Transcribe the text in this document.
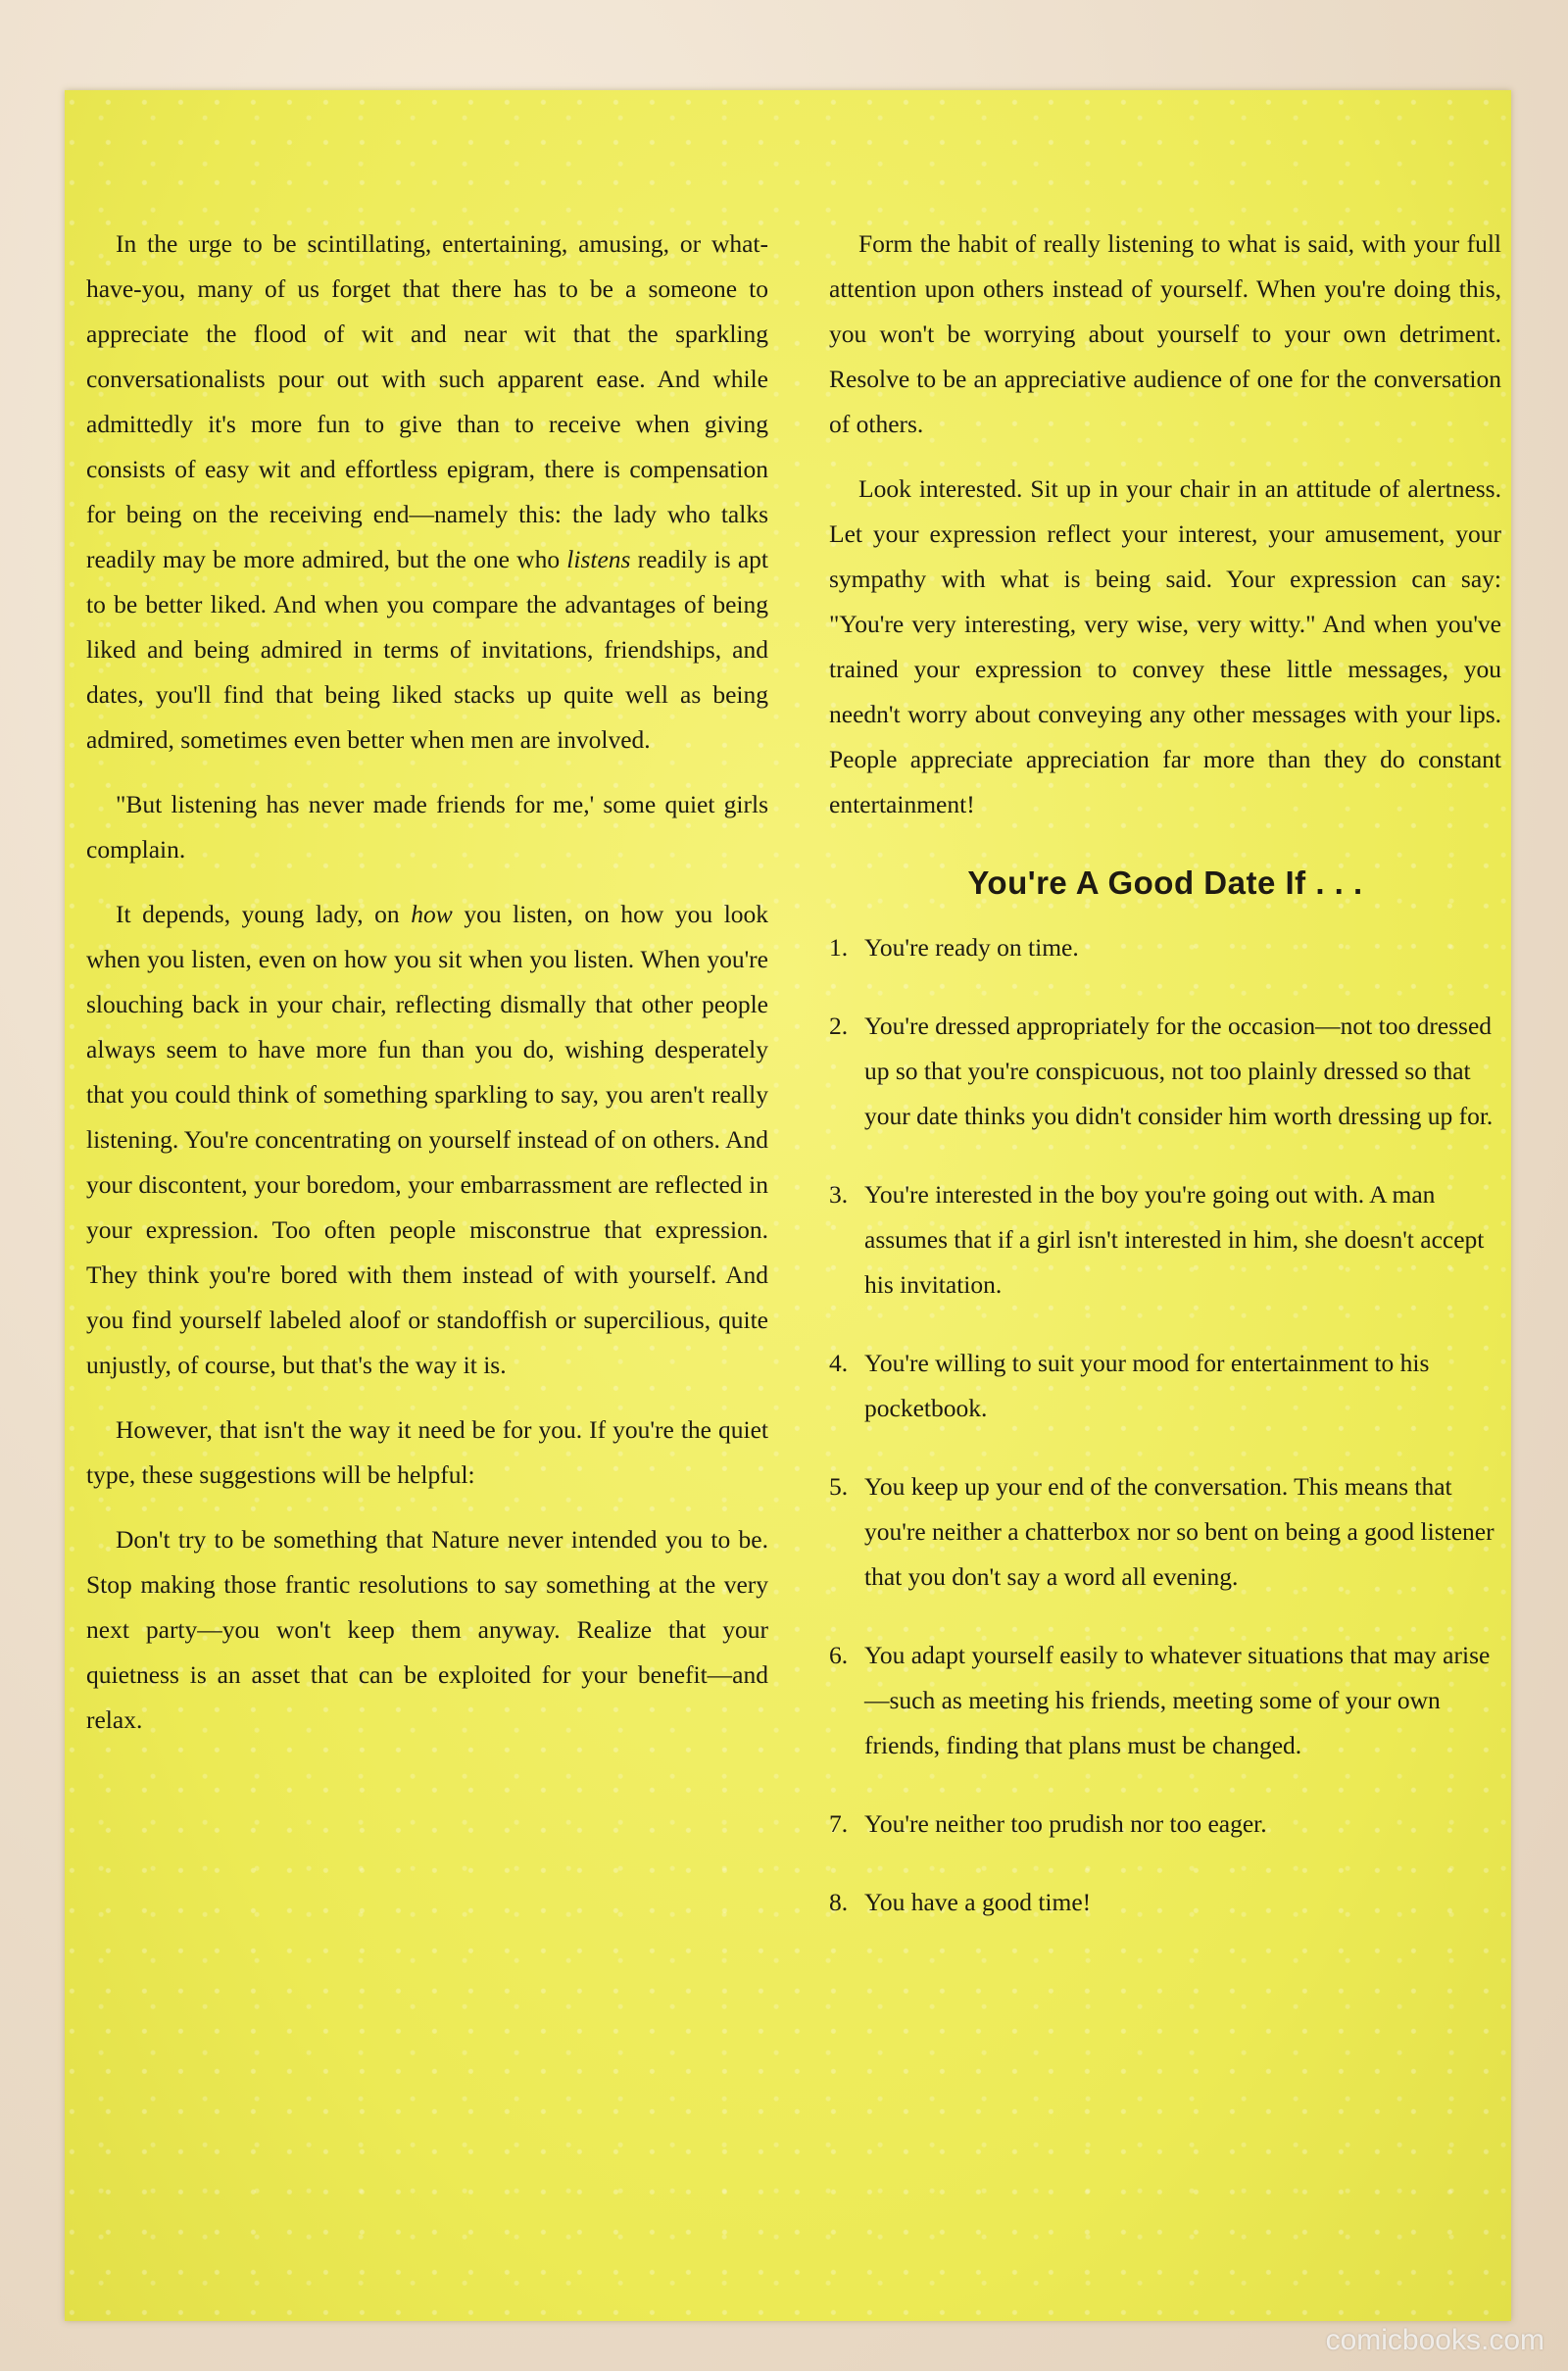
In the urge to be scintillating, entertaining, amusing, or what-have-you, many of us forget that there has to be a someone to appreciate the flood of wit and near wit that the sparkling conversationalists pour out with such apparent ease. And while admittedly it's more fun to give than to receive when giving consists of easy wit and effortless epigram, there is compensation for being on the receiving end—namely this: the lady who talks readily may be more admired, but the one who listens readily is apt to be better liked. And when you compare the advantages of being liked and being admired in terms of invitations, friendships, and dates, you'll find that being liked stacks up quite well as being admired, sometimes even better when men are involved.

"But listening has never made friends for me,' some quiet girls complain.

It depends, young lady, on how you listen, on how you look when you listen, even on how you sit when you listen. When you're slouching back in your chair, reflecting dismally that other people always seem to have more fun than you do, wishing desperately that you could think of something sparkling to say, you aren't really listening. You're concentrating on yourself instead of on others. And your discontent, your boredom, your embarrassment are reflected in your expression. Too often people misconstrue that expression. They think you're bored with them instead of with yourself. And you find yourself labeled aloof or standoffish or supercilious, quite unjustly, of course, but that's the way it is.

However, that isn't the way it need be for you. If you're the quiet type, these suggestions will be helpful:

Don't try to be something that Nature never intended you to be. Stop making those frantic resolutions to say something at the very next party—you won't keep them anyway. Realize that your quietness is an asset that can be exploited for your benefit—and relax.

Form the habit of really listening to what is said, with your full attention upon others instead of yourself. When you're doing this, you won't be worrying about yourself to your own detriment. Resolve to be an appreciative audience of one for the conversation of others.

Look interested. Sit up in your chair in an attitude of alertness. Let your expression reflect your interest, your amusement, your sympathy with what is being said. Your expression can say: "You're very interesting, very wise, very witty." And when you've trained your expression to convey these little messages, you needn't worry about conveying any other messages with your lips. People appreciate appreciation far more than they do constant entertainment!

You're A Good Date If . . .
1. You're ready on time.
2. You're dressed appropriately for the occasion—not too dressed up so that you're conspicuous, not too plainly dressed so that your date thinks you didn't consider him worth dressing up for.
3. You're interested in the boy you're going out with. A man assumes that if a girl isn't interested in him, she doesn't accept his invitation.
4. You're willing to suit your mood for entertainment to his pocketbook.
5. You keep up your end of the conversation. This means that you're neither a chatterbox nor so bent on being a good listener that you don't say a word all evening.
6. You adapt yourself easily to whatever situations that may arise—such as meeting his friends, meeting some of your own friends, finding that plans must be changed.
7. You're neither too prudish nor too eager.
8. You have a good time!
comicbooks.com
